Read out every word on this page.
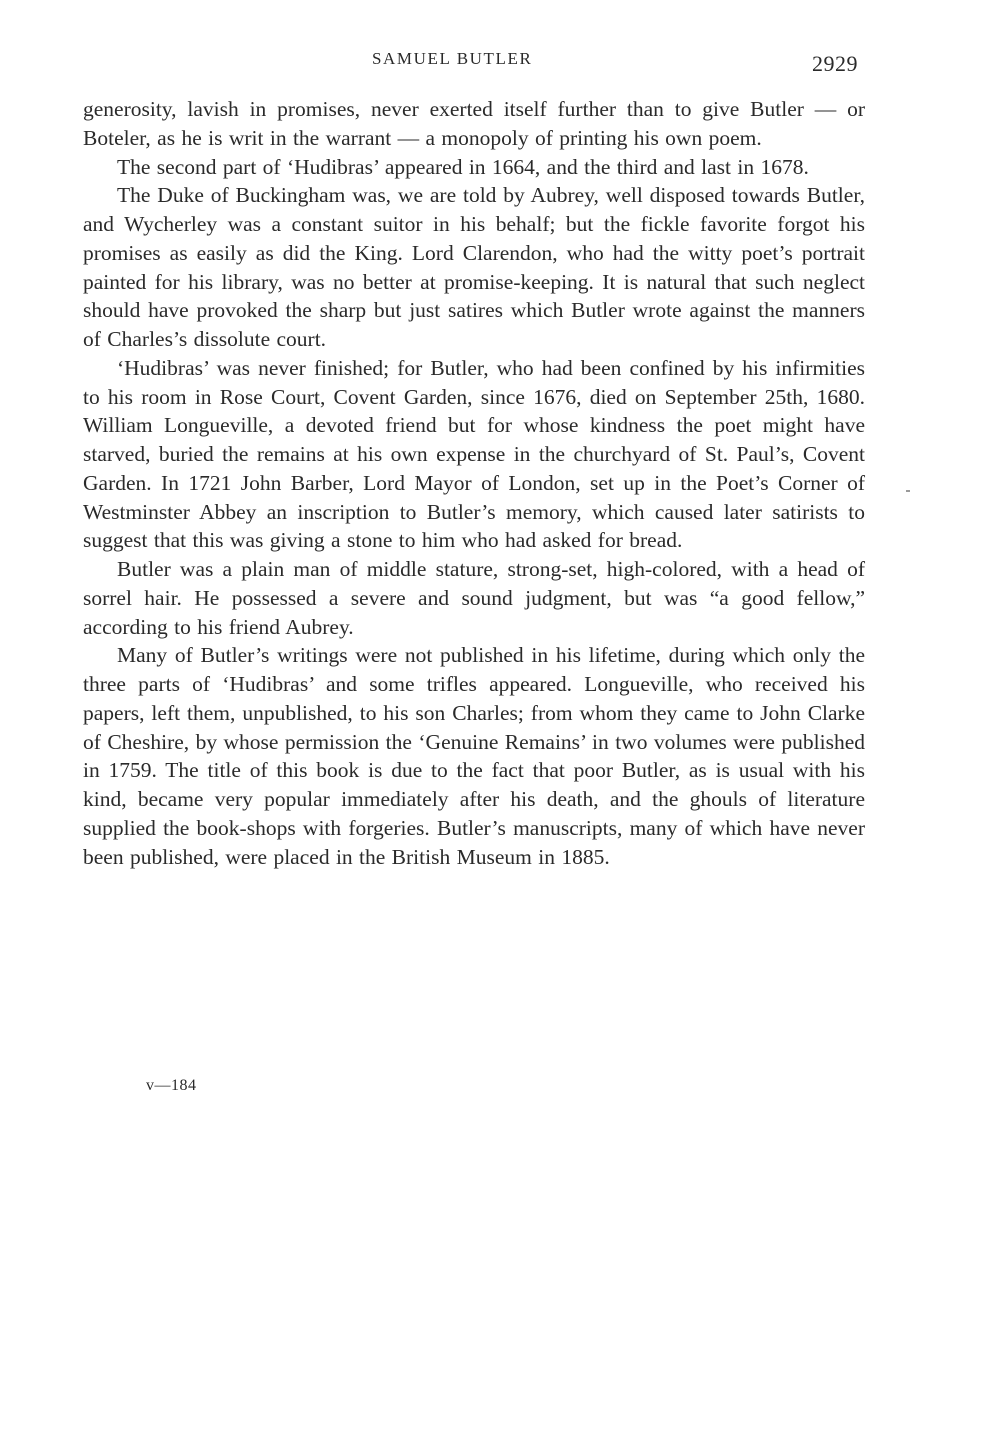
SAMUEL BUTLER	2929

generosity, lavish in promises, never exerted itself further than to give Butler — or Boteler, as he is writ in the warrant — a monopoly of printing his own poem.

The second part of ‘Hudibras’ appeared in 1664, and the third and last in 1678.

The Duke of Buckingham was, we are told by Aubrey, well disposed towards Butler, and Wycherley was a constant suitor in his behalf; but the fickle favorite forgot his promises as easily as did the King. Lord Clarendon, who had the witty poet’s portrait painted for his library, was no better at promise-keeping. It is natural that such neglect should have provoked the sharp but just satires which Butler wrote against the manners of Charles’s dissolute court.

‘Hudibras’ was never finished; for Butler, who had been confined by his infirmities to his room in Rose Court, Covent Garden, since 1676, died on September 25th, 1680. William Longueville, a devoted friend but for whose kindness the poet might have starved, buried the remains at his own expense in the churchyard of St. Paul’s, Covent Garden. In 1721 John Barber, Lord Mayor of London, set up in the Poet’s Corner of Westminster Abbey an inscription to Butler’s memory, which caused later satirists to suggest that this was giving a stone to him who had asked for bread.

Butler was a plain man of middle stature, strong-set, high-colored, with a head of sorrel hair. He possessed a severe and sound judgment, but was “a good fellow,” according to his friend Aubrey.

Many of Butler’s writings were not published in his lifetime, during which only the three parts of ‘Hudibras’ and some trifles appeared. Longueville, who received his papers, left them, unpublished, to his son Charles; from whom they came to John Clarke of Cheshire, by whose permission the ‘Genuine Remains’ in two volumes were published in 1759. The title of this book is due to the fact that poor Butler, as is usual with his kind, became very popular immediately after his death, and the ghouls of literature supplied the book-shops with forgeries. Butler’s manuscripts, many of which have never been published, were placed in the British Museum in 1885.

v—184
